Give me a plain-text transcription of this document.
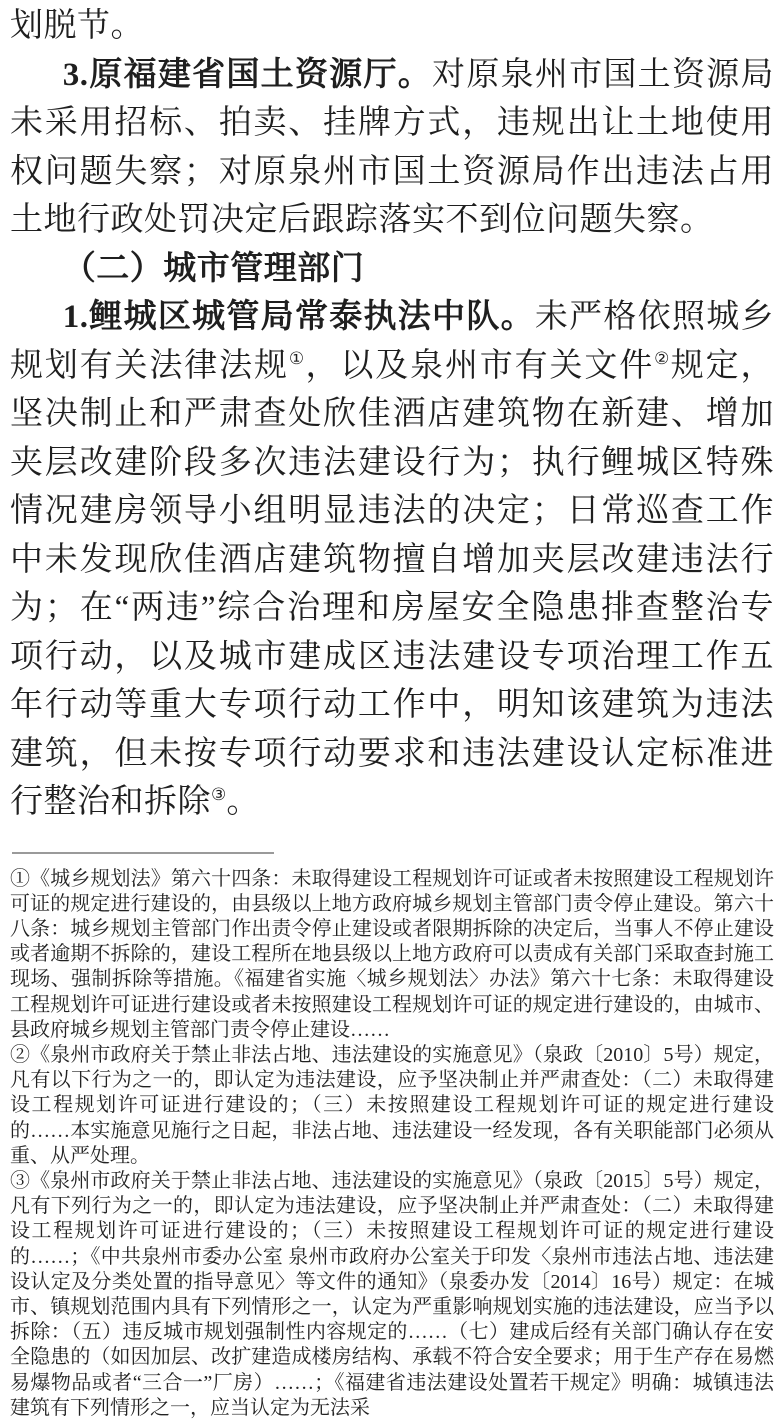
划脱节。

3.原福建省国土资源厅。对原泉州市国土资源局未采用招标、拍卖、挂牌方式，违规出让土地使用权问题失察；对原泉州市国土资源局作出违法占用土地行政处罚决定后跟踪落实不到位问题失察。

（二）城市管理部门

1.鲤城区城管局常泰执法中队。未严格依照城乡规划有关法律法规①，以及泉州市有关文件②规定，坚决制止和严肃查处欣佳酒店建筑物在新建、增加夹层改建阶段多次违法建设行为；执行鲤城区特殊情况建房领导小组明显违法的决定；日常巡查工作中未发现欣佳酒店建筑物擅自增加夹层改建违法行为；在“两违”综合治理和房屋安全隐患排查整治专项行动，以及城市建成区违法建设专项治理工作五年行动等重大专项行动工作中，明知该建筑为违法建筑，但未按专项行动要求和违法建设认定标准进行整治和拆除③。

①《城乡规划法》第六十四条：未取得建设工程规划许可证或者未按照建设工程规划许可证的规定进行建设的，由县级以上地方政府城乡规划主管部门责令停止建设。第六十八条：城乡规划主管部门作出责令停止建设或者限期拆除的决定后，当事人不停止建设或者逾期不拆除的，建设工程所在地县级以上地方政府可以责成有关部门采取查封施工现场、强制拆除等措施。《福建省实施〈城乡规划法〉办法》第六十七条：未取得建设工程规划许可证进行建设或者未按照建设工程规划许可证的规定进行建设的，由城市、县政府城乡规划主管部门责令停止建设……

②《泉州市政府关于禁止非法占地、违法建设的实施意见》（泉政〔2010〕5号）规定，凡有以下行为之一的，即认定为违法建设，应予坚决制止并严肃查处：（二）未取得建设工程规划许可证进行建设的；（三）未按照建设工程规划许可证的规定进行建设的……本实施意见施行之日起，非法占地、违法建设一经发现，各有关职能部门必须从重、从严处理。

③《泉州市政府关于禁止非法占地、违法建设的实施意见》（泉政〔2015〕5号）规定，凡有下列行为之一的，即认定为违法建设，应予坚决制止并严肃查处：（二）未取得建设工程规划许可证进行建设的；（三）未按照建设工程规划许可证的规定进行建设的……；《中共泉州市委办公室 泉州市政府办公室关于印发〈泉州市违法占地、违法建设认定及分类处置的指导意见〉等文件的通知》（泉委办发〔2014〕16号）规定：在城市、镇规划范围内具有下列情形之一，认定为严重影响规划实施的违法建设，应当予以拆除：（五）违反城市规划强制性内容规定的……（七）建成后经有关部门确认存在安全隐患的（如因加层、改扩建造成楼房结构、承载不符合安全要求；用于生产存在易燃易爆物品或者“三合一”厂房）……；《福建省违法建设处置若干规定》明确：城镇违法建筑有下列情形之一，应当认定为无法采
